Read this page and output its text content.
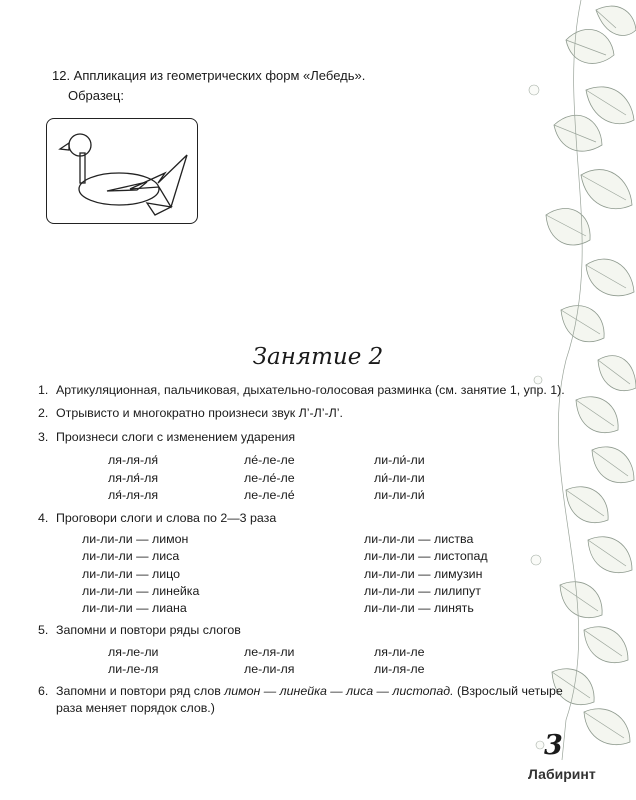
12. Аппликация из геометрических форм «Лебедь».
Образец:
Занятие 2
1. Артикуляционная, пальчиковая, дыхательно-голосовая разминка (см. занятие 1, упр. 1).
2. Отрывисто и многократно произнеси звук Л’-Л’-Л’.
3. Произнеси слоги с изменением ударения
ля-ля-ля́
ля-ля́-ля
ля́-ля-ля
ле́-ле-ле
ле-ле́-ле
ле-ле-ле́
ли-ли́-ли
ли́-ли-ли
ли-ли-ли́
4. Проговори слоги и слова по 2—3 раза
ли-ли-ли — лимон
ли-ли-ли — лиса
ли-ли-ли — лицо
ли-ли-ли — линейка
ли-ли-ли — лиана
ли-ли-ли — листва
ли-ли-ли — листопад
ли-ли-ли — лимузин
ли-ли-ли — лилипут
ли-ли-ли — линять
5. Запомни и повтори ряды слогов
ля-ле-ли
ли-ле-ля
ле-ля-ли
ле-ли-ля
ля-ли-ле
ли-ля-ле
6. Запомни и повтори ряд слов лимон — линейка — лиса — листопад. (Взрослый четыре
раза меняет порядок слов.)
3
Лабиринт
